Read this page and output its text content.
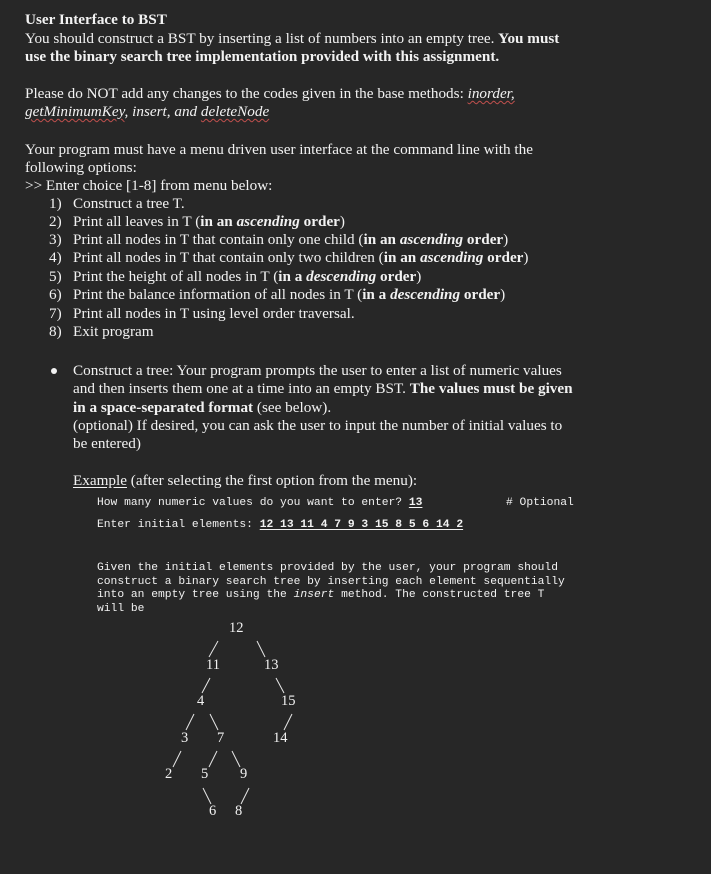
User Interface to BST
You should construct a BST by inserting a list of numbers into an empty tree. You must
use the binary search tree implementation provided with this assignment.
Please do NOT add any changes to the codes given in the base methods: inorder,
getMinimumKey, insert, and deleteNode
Your program must have a menu driven user interface at the command line with the
following options:
>> Enter choice [1-8] from menu below:
1) Construct a tree T.
2) Print all leaves in T (in an ascending order)
3) Print all nodes in T that contain only one child (in an ascending order)
4) Print all nodes in T that contain only two children (in an ascending order)
5) Print the height of all nodes in T (in a descending order)
6) Print the balance information of all nodes in T (in a descending order)
7) Print all nodes in T using level order traversal.
8) Exit program
Construct a tree: Your program prompts the user to enter a list of numeric values
and then inserts them one at a time into an empty BST. The values must be given
in a space-separated format (see below).
(optional) If desired, you can ask the user to input the number of initial values to
be entered)
Example (after selecting the first option from the menu):
How many numeric values do you want to enter? 13	# Optional
Enter initial elements: 12 13 11 4 7 9 3 15 8 5 6 14 2
Given the initial elements provided by the user, your program should
construct a binary search tree by inserting each element sequentially
into an empty tree using the insert method. The constructed tree T
will be
12
11	13
4	15
3 7	14
2 5 9
6 8
